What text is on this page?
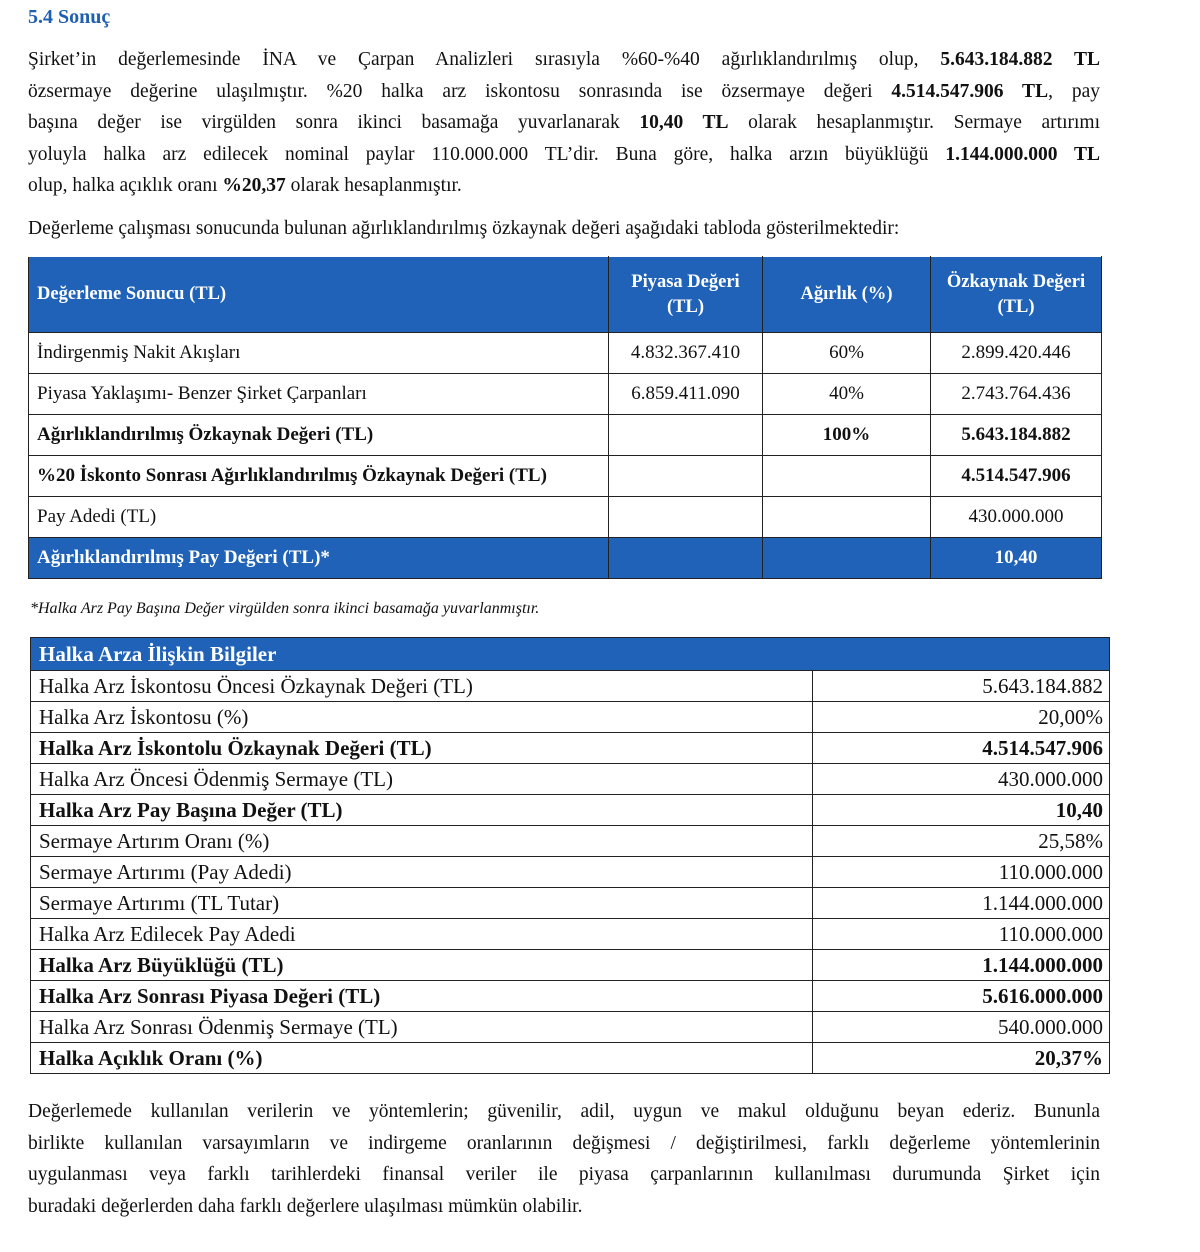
5.4 Sonuç
Şirket’in değerlemesinde İNA ve Çarpan Analizleri sırasıyla %60-%40 ağırlıklandırılmış olup, 5.643.184.882 TL
özsermaye değerine ulaşılmıştır. %20 halka arz iskontosu sonrasında ise özsermaye değeri 4.514.547.906 TL, pay
başına değer ise virgülden sonra ikinci basamağa yuvarlanarak 10,40 TL olarak hesaplanmıştır. Sermaye artırımı
yoluyla halka arz edilecek nominal paylar 110.000.000 TL’dir. Buna göre, halka arzın büyüklüğü 1.144.000.000 TL
olup, halka açıklık oranı %20,37 olarak hesaplanmıştır.
Değerleme çalışması sonucunda bulunan ağırlıklandırılmış özkaynak değeri aşağıdaki tabloda gösterilmektedir:
Değerleme Sonucu (TL)	Piyasa Değeri (TL)	Ağırlık (%)	Özkaynak Değeri (TL)
İndirgenmiş Nakit Akışları	4.832.367.410	60%	2.899.420.446
Piyasa Yaklaşımı- Benzer Şirket Çarpanları	6.859.411.090	40%	2.743.764.436
Ağırlıklandırılmış Özkaynak Değeri (TL)		100%	5.643.184.882
%20 İskonto Sonrası Ağırlıklandırılmış Özkaynak Değeri (TL)			4.514.547.906
Pay Adedi (TL)			430.000.000
Ağırlıklandırılmış Pay Değeri (TL)*			10,40
*Halka Arz Pay Başına Değer virgülden sonra ikinci basamağa yuvarlanmıştır.
Halka Arza İlişkin Bilgiler	
Halka Arz İskontosu Öncesi Özkaynak Değeri (TL)	5.643.184.882
Halka Arz İskontosu (%)	20,00%
Halka Arz İskontolu Özkaynak Değeri (TL)	4.514.547.906
Halka Arz Öncesi Ödenmiş Sermaye (TL)	430.000.000
Halka Arz Pay Başına Değer (TL)	10,40
Sermaye Artırım Oranı (%)	25,58%
Sermaye Artırımı (Pay Adedi)	110.000.000
Sermaye Artırımı (TL Tutar)	1.144.000.000
Halka Arz Edilecek Pay Adedi	110.000.000
Halka Arz Büyüklüğü (TL)	1.144.000.000
Halka Arz Sonrası Piyasa Değeri (TL)	5.616.000.000
Halka Arz Sonrası Ödenmiş Sermaye (TL)	540.000.000
Halka Açıklık Oranı (%)	20,37%
Değerlemede kullanılan verilerin ve yöntemlerin; güvenilir, adil, uygun ve makul olduğunu beyan ederiz. Bununla
birlikte kullanılan varsayımların ve indirgeme oranlarının değişmesi / değiştirilmesi, farklı değerleme yöntemlerinin
uygulanması veya farklı tarihlerdeki finansal veriler ile piyasa çarpanlarının kullanılması durumunda Şirket için
buradaki değerlerden daha farklı değerlere ulaşılması mümkün olabilir.
